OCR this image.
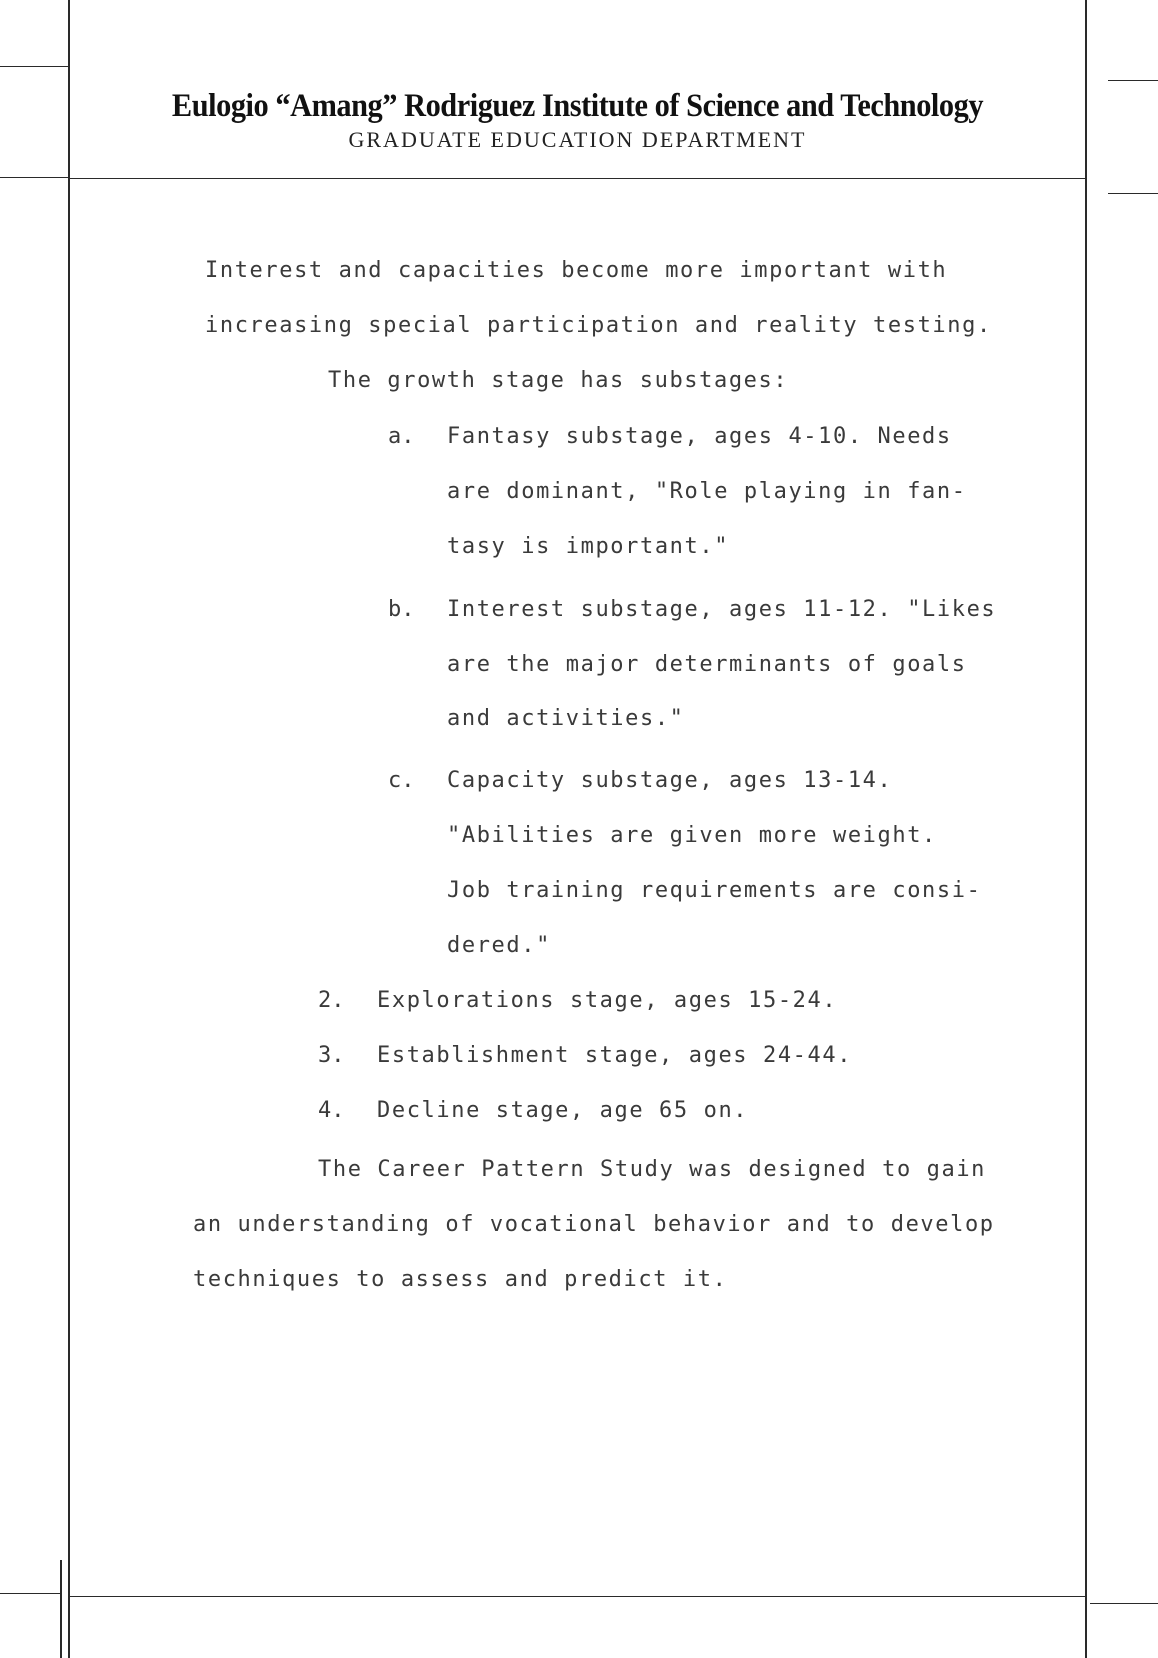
Eulogio “Amang” Rodriguez Institute of Science and Technology
GRADUATE EDUCATION DEPARTMENT
Interest and capacities become more important with
increasing special participation and reality testing.
The growth stage has substages:
a. Fantasy substage, ages 4-10. Needs
are dominant, "Role playing in fan-
tasy is important."
b. Interest substage, ages 11-12. "Likes
are the major determinants of goals
and activities."
c. Capacity substage, ages 13-14.
"Abilities are given more weight.
Job training requirements are consi-
dered."
2. Explorations stage, ages 15-24.
3. Establishment stage, ages 24-44.
4. Decline stage, age 65 on.
The Career Pattern Study was designed to gain
an understanding of vocational behavior and to develop
techniques to assess and predict it.
